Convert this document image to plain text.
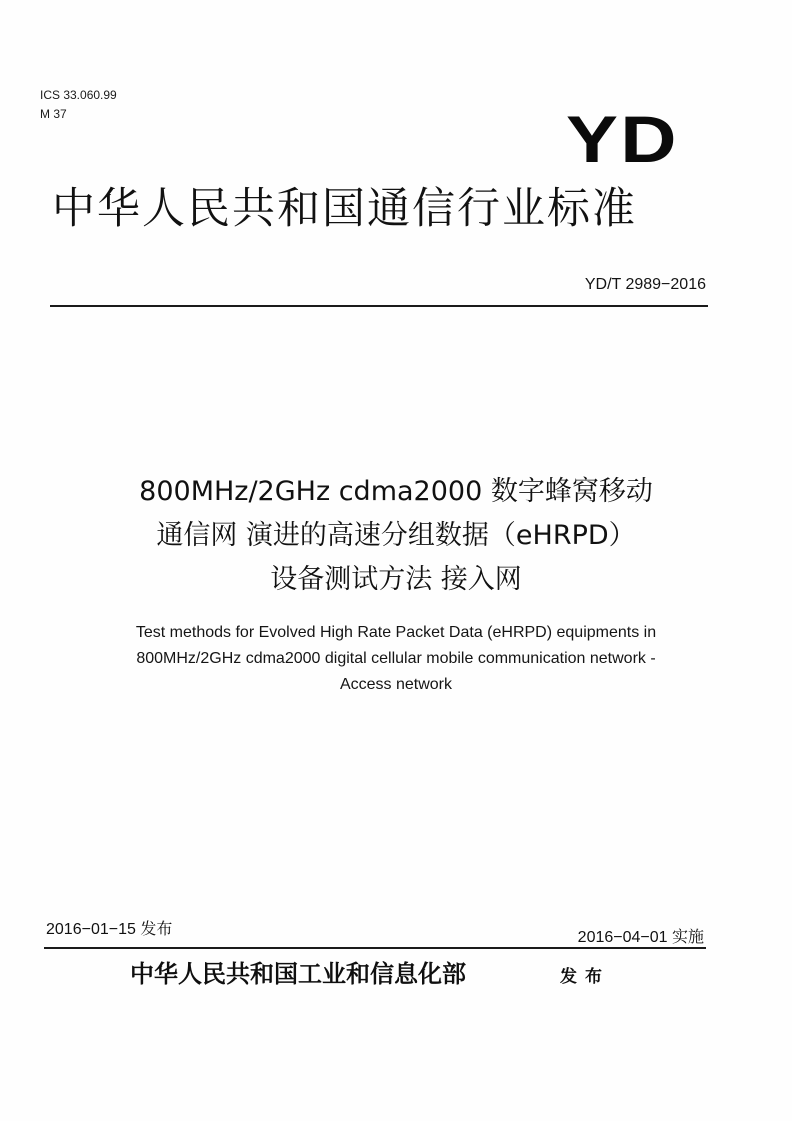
ICS 33.060.99
M 37	YD
中华人民共和国通信行业标准
YD/T 2989−2016
800MHz/2GHz cdma2000 数字蜂窝移动
通信网 演进的高速分组数据（eHRPD）
设备测试方法 接入网
Test methods for Evolved High Rate Packet Data (eHRPD) equipments in
800MHz/2GHz cdma2000 digital cellular mobile communication network -
Access network
2016−01−15 发布	2016−04−01 实施
中华人民共和国工业和信息化部	发布
